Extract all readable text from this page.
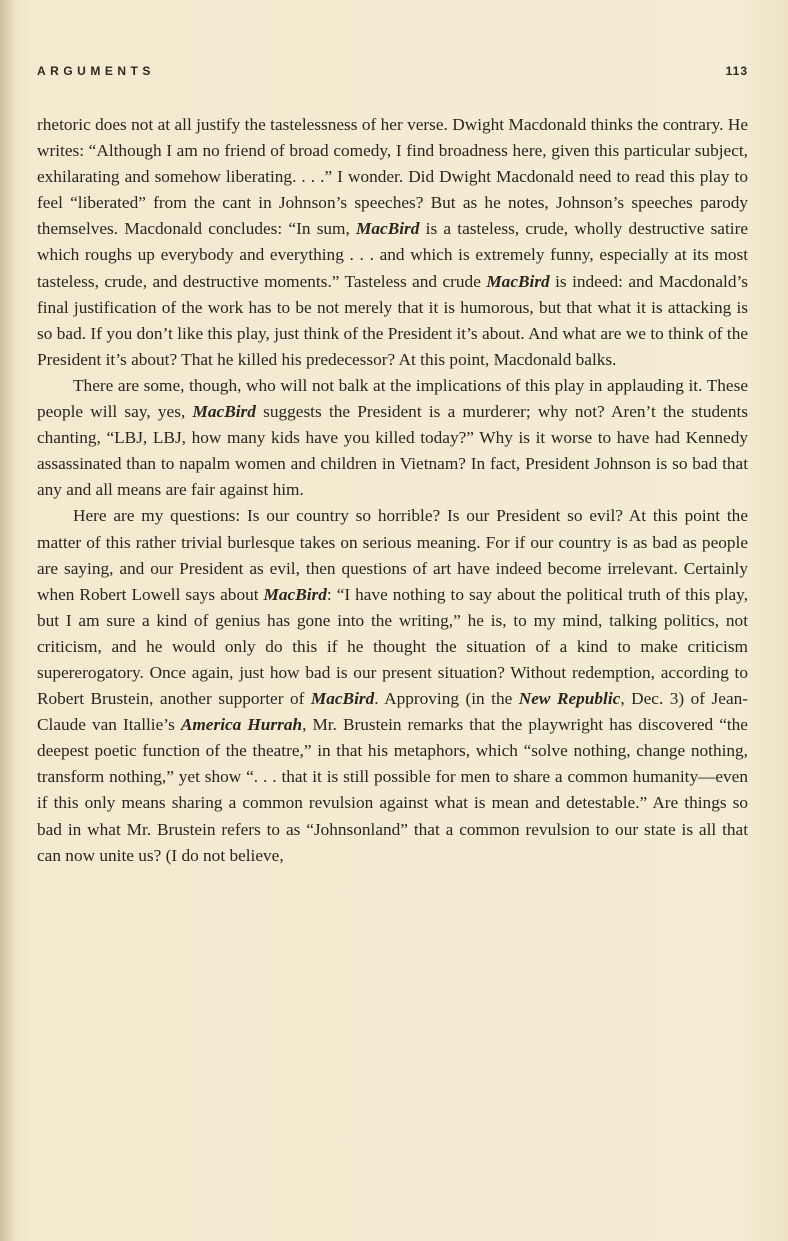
ARGUMENTS	113

rhetoric does not at all justify the tastelessness of her verse. Dwight Macdonald thinks the contrary. He writes: “Although I am no friend of broad comedy, I find broadness here, given this particular subject, exhilarating and somehow liberating. . . .” I wonder. Did Dwight Macdonald need to read this play to feel “liberated” from the cant in Johnson’s speeches? But as he notes, Johnson’s speeches parody themselves. Macdonald concludes: “In sum, MacBird is a tasteless, crude, wholly destructive satire which roughs up everybody and everything . . . and which is extremely funny, especially at its most tasteless, crude, and destructive moments.” Tasteless and crude MacBird is indeed: and Macdonald’s final justification of the work has to be not merely that it is humorous, but that what it is attacking is so bad. If you don’t like this play, just think of the President it’s about. And what are we to think of the President it’s about? That he killed his predecessor? At this point, Macdonald balks.

There are some, though, who will not balk at the implications of this play in applauding it. These people will say, yes, MacBird suggests the President is a murderer; why not? Aren’t the students chanting, “LBJ, LBJ, how many kids have you killed today?” Why is it worse to have had Kennedy assassinated than to napalm women and children in Vietnam? In fact, President Johnson is so bad that any and all means are fair against him.

Here are my questions: Is our country so horrible? Is our President so evil? At this point the matter of this rather trivial burlesque takes on serious meaning. For if our country is as bad as people are saying, and our President as evil, then questions of art have indeed become irrelevant. Certainly when Robert Lowell says about MacBird: “I have nothing to say about the political truth of this play, but I am sure a kind of genius has gone into the writing,” he is, to my mind, talking politics, not criticism, and he would only do this if he thought the situation of a kind to make criticism supererogatory. Once again, just how bad is our present situation? Without redemption, according to Robert Brustein, another supporter of MacBird. Approving (in the New Republic, Dec. 3) of Jean-Claude van Itallie’s America Hurrah, Mr. Brustein remarks that the playwright has discovered “the deepest poetic function of the theatre,” in that his metaphors, which “solve nothing, change nothing, transform nothing,” yet show “. . . that it is still possible for men to share a common humanity—even if this only means sharing a common revulsion against what is mean and detestable.” Are things so bad in what Mr. Brustein refers to as “Johnsonland” that a common revulsion to our state is all that can now unite us? (I do not believe,
